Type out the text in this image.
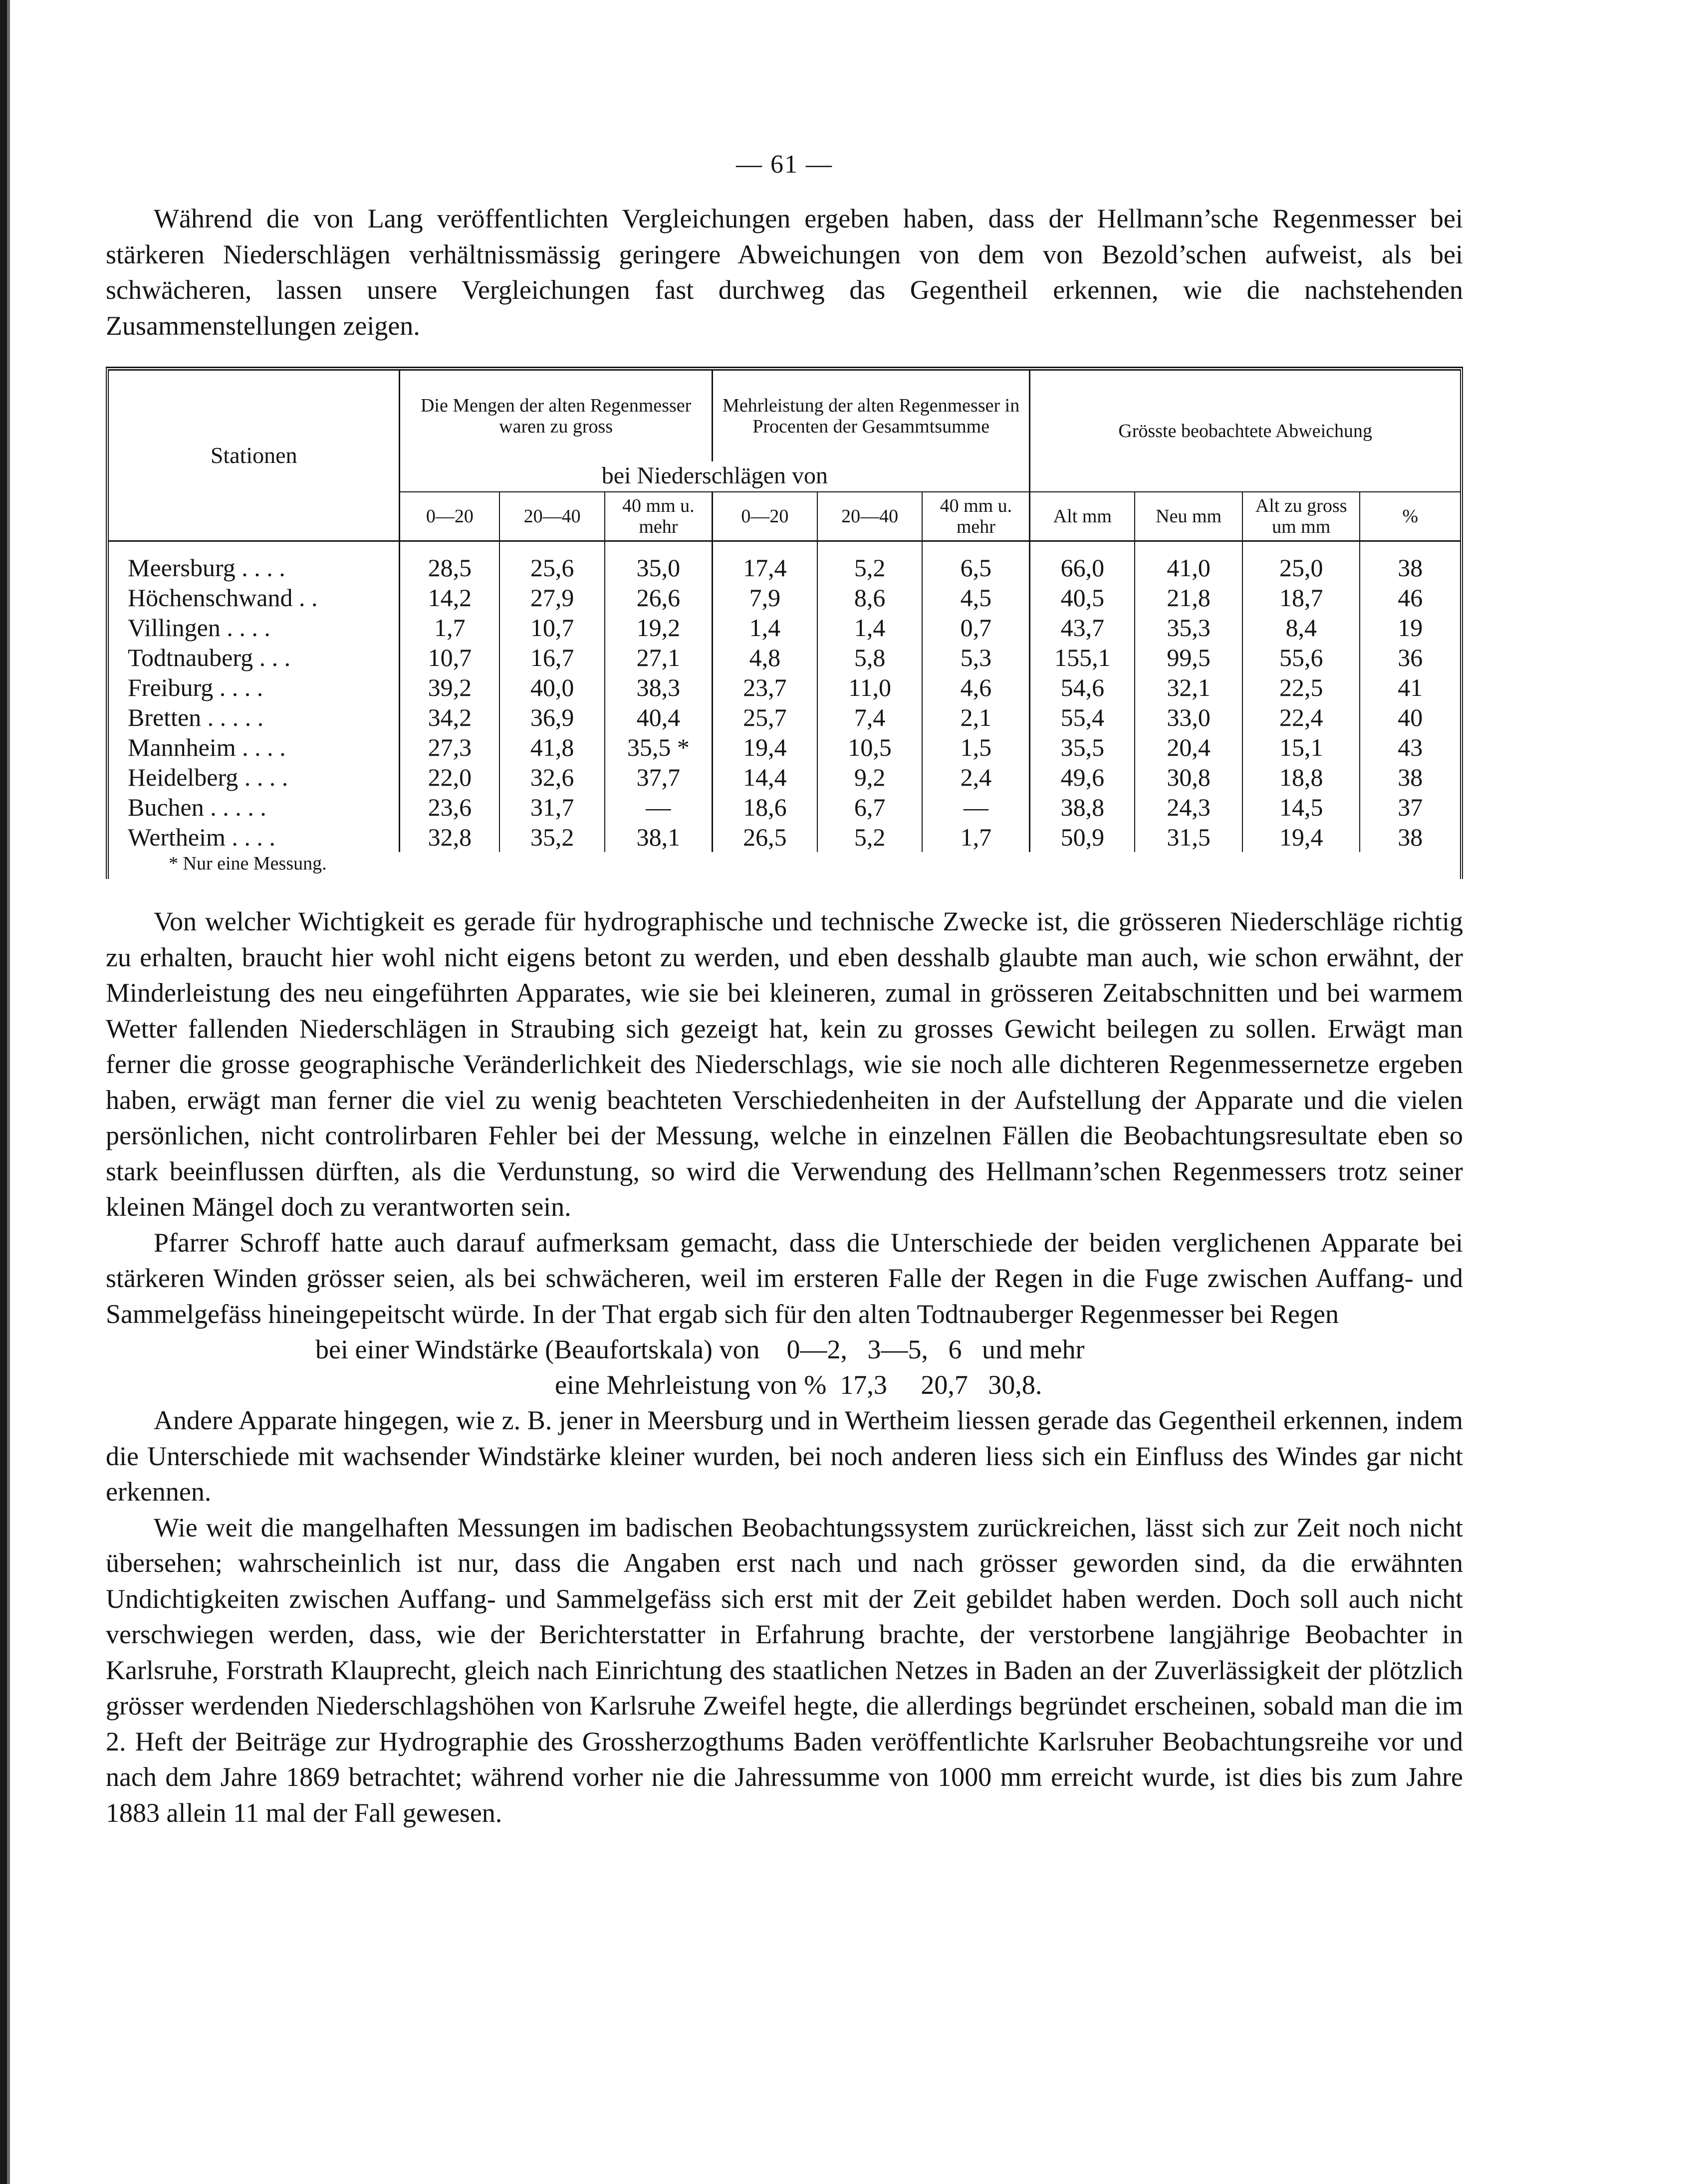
— 61 —

Während die von Lang veröffentlichten Vergleichungen ergeben haben, dass der Hellmann’sche Regenmesser bei stärkeren Niederschlägen verhältnissmässig geringere Abweichungen von dem von Bezold’schen aufweist, als bei schwächeren, lassen unsere Vergleichungen fast durchweg das Gegentheil erkennen, wie die nachstehenden Zusammenstellungen zeigen.

Stationen	Die Mengen der alten Regenmesser waren zu gross			Mehrleistung der alten Regenmesser in Procenten der Gesammtsumme			Grösste beobachtete Abweichung			
	bei Niederschlägen von									
	0—20	20—40	40 mm u. mehr	0—20	20—40	40 mm u. mehr	Alt mm	Neu mm	Alt zu gross um mm	%
Meersburg . . . .	28,5	25,6	35,0	17,4	5,2	6,5	66,0	41,0	25,0	38
Höchenschwand . .	14,2	27,9	26,6	7,9	8,6	4,5	40,5	21,8	18,7	46
Villingen . . . .	1,7	10,7	19,2	1,4	1,4	0,7	43,7	35,3	8,4	19
Todtnauberg . . .	10,7	16,7	27,1	4,8	5,8	5,3	155,1	99,5	55,6	36
Freiburg . . . .	39,2	40,0	38,3	23,7	11,0	4,6	54,6	32,1	22,5	41
Bretten . . . . .	34,2	36,9	40,4	25,7	7,4	2,1	55,4	33,0	22,4	40
Mannheim . . . .	27,3	41,8	35,5 *	19,4	10,5	1,5	35,5	20,4	15,1	43
Heidelberg . . . .	22,0	32,6	37,7	14,4	9,2	2,4	49,6	30,8	18,8	38
Buchen . . . . .	23,6	31,7	—	18,6	6,7	—	38,8	24,3	14,5	37
Wertheim . . . .	32,8	35,2	38,1	26,5	5,2	1,7	50,9	31,5	19,4	38
* Nur eine Messung.

Von welcher Wichtigkeit es gerade für hydrographische und technische Zwecke ist, die grösseren Niederschläge richtig zu erhalten, braucht hier wohl nicht eigens betont zu werden, und eben desshalb glaubte man auch, wie schon erwähnt, der Minderleistung des neu eingeführten Apparates, wie sie bei kleineren, zumal in grösseren Zeitabschnitten und bei warmem Wetter fallenden Niederschlägen in Straubing sich gezeigt hat, kein zu grosses Gewicht beilegen zu sollen. Erwägt man ferner die grosse geographische Veränderlichkeit des Niederschlags, wie sie noch alle dichteren Regenmessernetze ergeben haben, erwägt man ferner die viel zu wenig beachteten Verschiedenheiten in der Aufstellung der Apparate und die vielen persönlichen, nicht controlirbaren Fehler bei der Messung, welche in einzelnen Fällen die Beobachtungsresultate eben so stark beeinflussen dürften, als die Verdunstung, so wird die Verwendung des Hellmann’schen Regenmessers trotz seiner kleinen Mängel doch zu verantworten sein.

Pfarrer Schroff hatte auch darauf aufmerksam gemacht, dass die Unterschiede der beiden verglichenen Apparate bei stärkeren Winden grösser seien, als bei schwächeren, weil im ersteren Falle der Regen in die Fuge zwischen Auffang- und Sammelgefäss hineingepeitscht würde. In der That ergab sich für den alten Todtnauberger Regenmesser bei Regen

bei einer Windstärke (Beaufortskala) von    0—2,   3—5,   6   und mehr
eine Mehrleistung von %  17,3     20,7   30,8.

Andere Apparate hingegen, wie z. B. jener in Meersburg und in Wertheim liessen gerade das Gegentheil erkennen, indem die Unterschiede mit wachsender Windstärke kleiner wurden, bei noch anderen liess sich ein Einfluss des Windes gar nicht erkennen.

Wie weit die mangelhaften Messungen im badischen Beobachtungssystem zurückreichen, lässt sich zur Zeit noch nicht übersehen; wahrscheinlich ist nur, dass die Angaben erst nach und nach grösser geworden sind, da die erwähnten Undichtigkeiten zwischen Auffang- und Sammelgefäss sich erst mit der Zeit gebildet haben werden. Doch soll auch nicht verschwiegen werden, dass, wie der Berichterstatter in Erfahrung brachte, der verstorbene langjährige Beobachter in Karlsruhe, Forstrath Klauprecht, gleich nach Einrichtung des staatlichen Netzes in Baden an der Zuverlässigkeit der plötzlich grösser werdenden Niederschlagshöhen von Karlsruhe Zweifel hegte, die allerdings begründet erscheinen, sobald man die im 2. Heft der Beiträge zur Hydrographie des Grossherzogthums Baden veröffentlichte Karlsruher Beobachtungsreihe vor und nach dem Jahre 1869 betrachtet; während vorher nie die Jahressumme von 1000 mm erreicht wurde, ist dies bis zum Jahre 1883 allein 11 mal der Fall gewesen.
